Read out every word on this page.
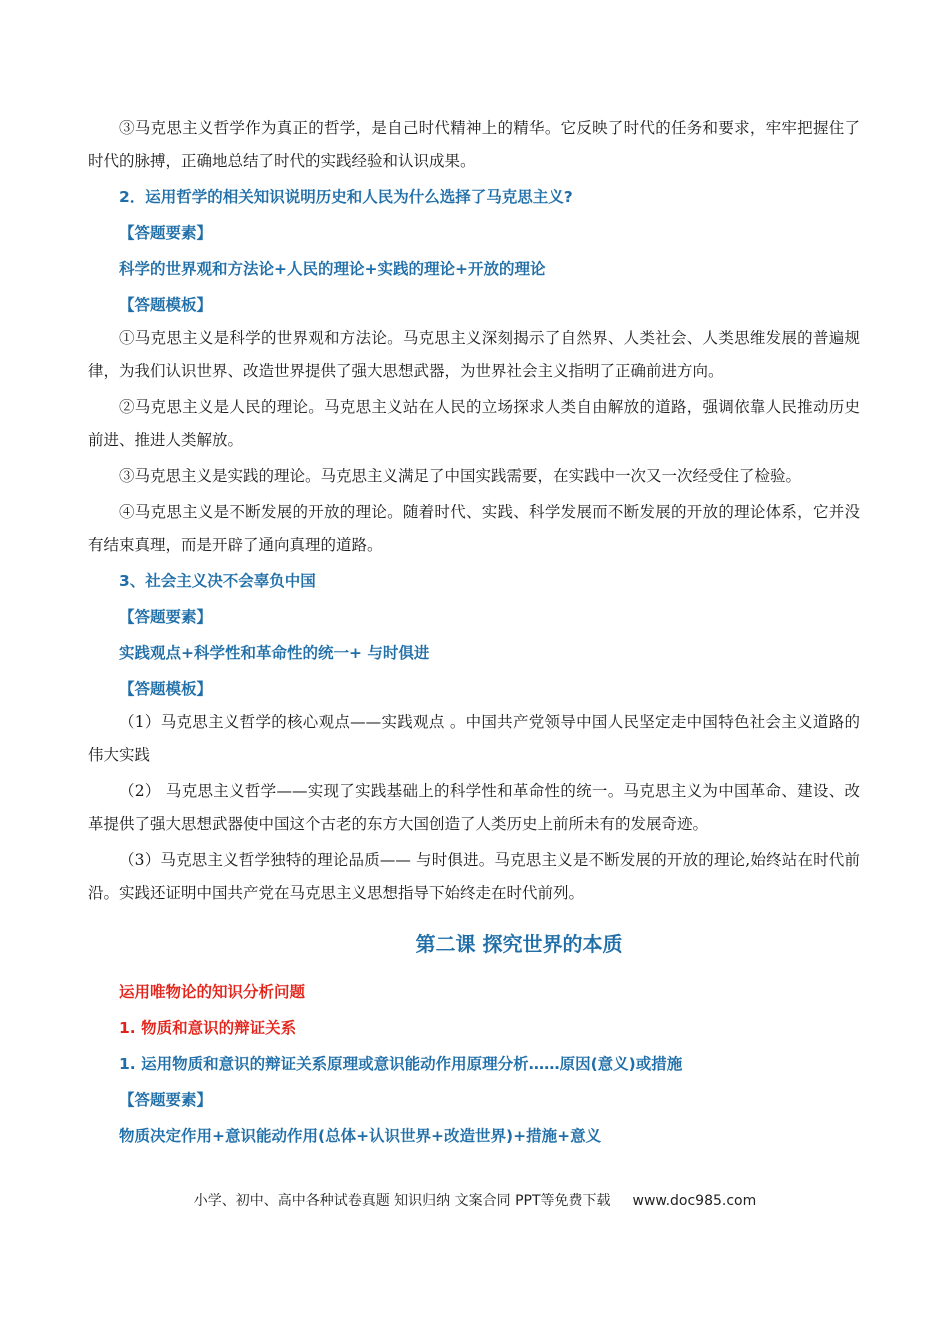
③马克思主义哲学作为真正的哲学，是自己时代精神上的精华。它反映了时代的任务和要求，牢牢把握住了时代的脉搏，正确地总结了时代的实践经验和认识成果。

2．运用哲学的相关知识说明历史和人民为什么选择了马克思主义?

【答题要素】

科学的世界观和方法论+人民的理论+实践的理论+开放的理论

【答题模板】

①马克思主义是科学的世界观和方法论。马克思主义深刻揭示了自然界、人类社会、人类思维发展的普遍规律，为我们认识世界、改造世界提供了强大思想武器，为世界社会主义指明了正确前进方向。

②马克思主义是人民的理论。马克思主义站在人民的立场探求人类自由解放的道路，强调依靠人民推动历史前进、推进人类解放。

③马克思主义是实践的理论。马克思主义满足了中国实践需要，在实践中一次又一次经受住了检验。

④马克思主义是不断发展的开放的理论。随着时代、实践、科学发展而不断发展的开放的理论体系，它并没有结束真理，而是开辟了通向真理的道路。

3、社会主义决不会辜负中国

【答题要素】

实践观点+科学性和革命性的统一+ 与时俱进

【答题模板】

（1）马克思主义哲学的核心观点——实践观点 。中国共产党领导中国人民坚定走中国特色社会主义道路的伟大实践

（2） 马克思主义哲学——实现了实践基础上的科学性和革命性的统一。马克思主义为中国革命、建设、改革提供了强大思想武器使中国这个古老的东方大国创造了人类历史上前所未有的发展奇迹。

（3）马克思主义哲学独特的理论品质—— 与时俱进。马克思主义是不断发展的开放的理论,始终站在时代前沿。实践还证明中国共产党在马克思主义思想指导下始终走在时代前列。

第二课 探究世界的本质

运用唯物论的知识分析问题

1. 物质和意识的辩证关系

1. 运用物质和意识的辩证关系原理或意识能动作用原理分析……原因(意义)或措施

【答题要素】

物质决定作用+意识能动作用(总体+认识世界+改造世界)+措施+意义

小学、初中、高中各种试卷真题 知识归纳 文案合同 PPT等免费下载 www.doc985.com
